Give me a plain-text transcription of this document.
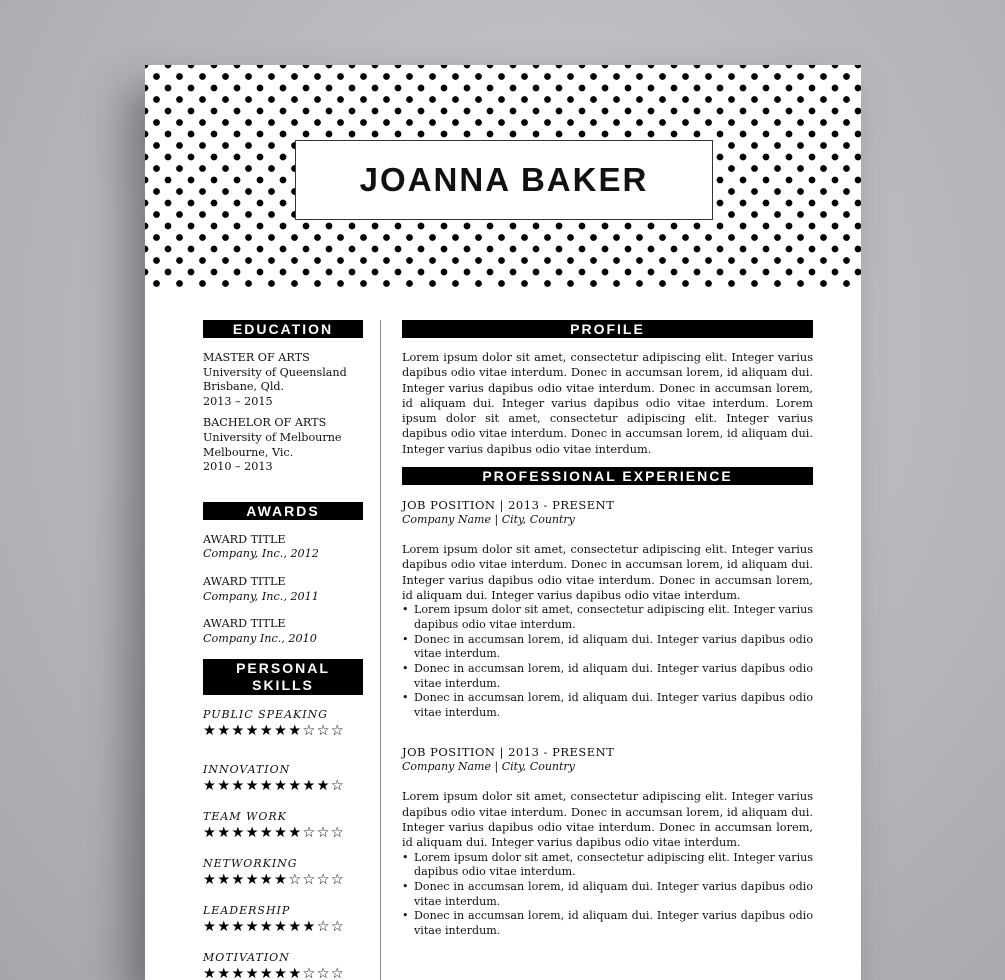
JOANNA BAKER
EDUCATION
MASTER OF ARTS
University of Queensland
Brisbane, Qld.
2013 – 2015
BACHELOR OF ARTS
University of Melbourne
Melbourne, Vic.
2010 – 2013
AWARDS
AWARD TITLE
Company, Inc., 2012
AWARD TITLE
Company, Inc., 2011
AWARD TITLE
Company Inc., 2010
PERSONAL
SKILLS
PUBLIC SPEAKING
★★★★★★★☆☆☆
INNOVATION
★★★★★★★★★☆
TEAM WORK
★★★★★★★☆☆☆
NETWORKING
★★★★★★☆☆☆☆
LEADERSHIP
★★★★★★★★☆☆
MOTIVATION
★★★★★★★☆☆☆
PROFILE

Lorem ipsum dolor sit amet, consectetur adipiscing elit. Integer varius dapibus odio vitae interdum. Donec in accumsan lorem, id aliquam dui. Integer varius dapibus odio vitae interdum. Donec in accumsan lorem, id aliquam dui. Integer varius dapibus odio vitae interdum. Lorem ipsum dolor sit amet, consectetur adipiscing elit. Integer varius dapibus odio vitae interdum. Donec in accumsan lorem, id aliquam dui. Integer varius dapibus odio vitae interdum.

PROFESSIONAL EXPERIENCE
JOB POSITION | 2013 - PRESENT
Company Name | City, Country

Lorem ipsum dolor sit amet, consectetur adipiscing elit. Integer varius dapibus odio vitae interdum. Donec in accumsan lorem, id aliquam dui. Integer varius dapibus odio vitae interdum. Donec in accumsan lorem, id aliquam dui. Integer varius dapibus odio vitae interdum.

• Lorem ipsum dolor sit amet, consectetur adipiscing elit. Integer varius dapibus odio vitae interdum.
• Donec in accumsan lorem, id aliquam dui. Integer varius dapibus odio vitae interdum.
• Donec in accumsan lorem, id aliquam dui. Integer varius dapibus odio vitae interdum.
• Donec in accumsan lorem, id aliquam dui. Integer varius dapibus odio vitae interdum.
JOB POSITION | 2013 - PRESENT
Company Name | City, Country

Lorem ipsum dolor sit amet, consectetur adipiscing elit. Integer varius dapibus odio vitae interdum. Donec in accumsan lorem, id aliquam dui. Integer varius dapibus odio vitae interdum. Donec in accumsan lorem, id aliquam dui. Integer varius dapibus odio vitae interdum.

• Lorem ipsum dolor sit amet, consectetur adipiscing elit. Integer varius dapibus odio vitae interdum.
• Donec in accumsan lorem, id aliquam dui. Integer varius dapibus odio vitae interdum.
• Donec in accumsan lorem, id aliquam dui. Integer varius dapibus odio vitae interdum.
